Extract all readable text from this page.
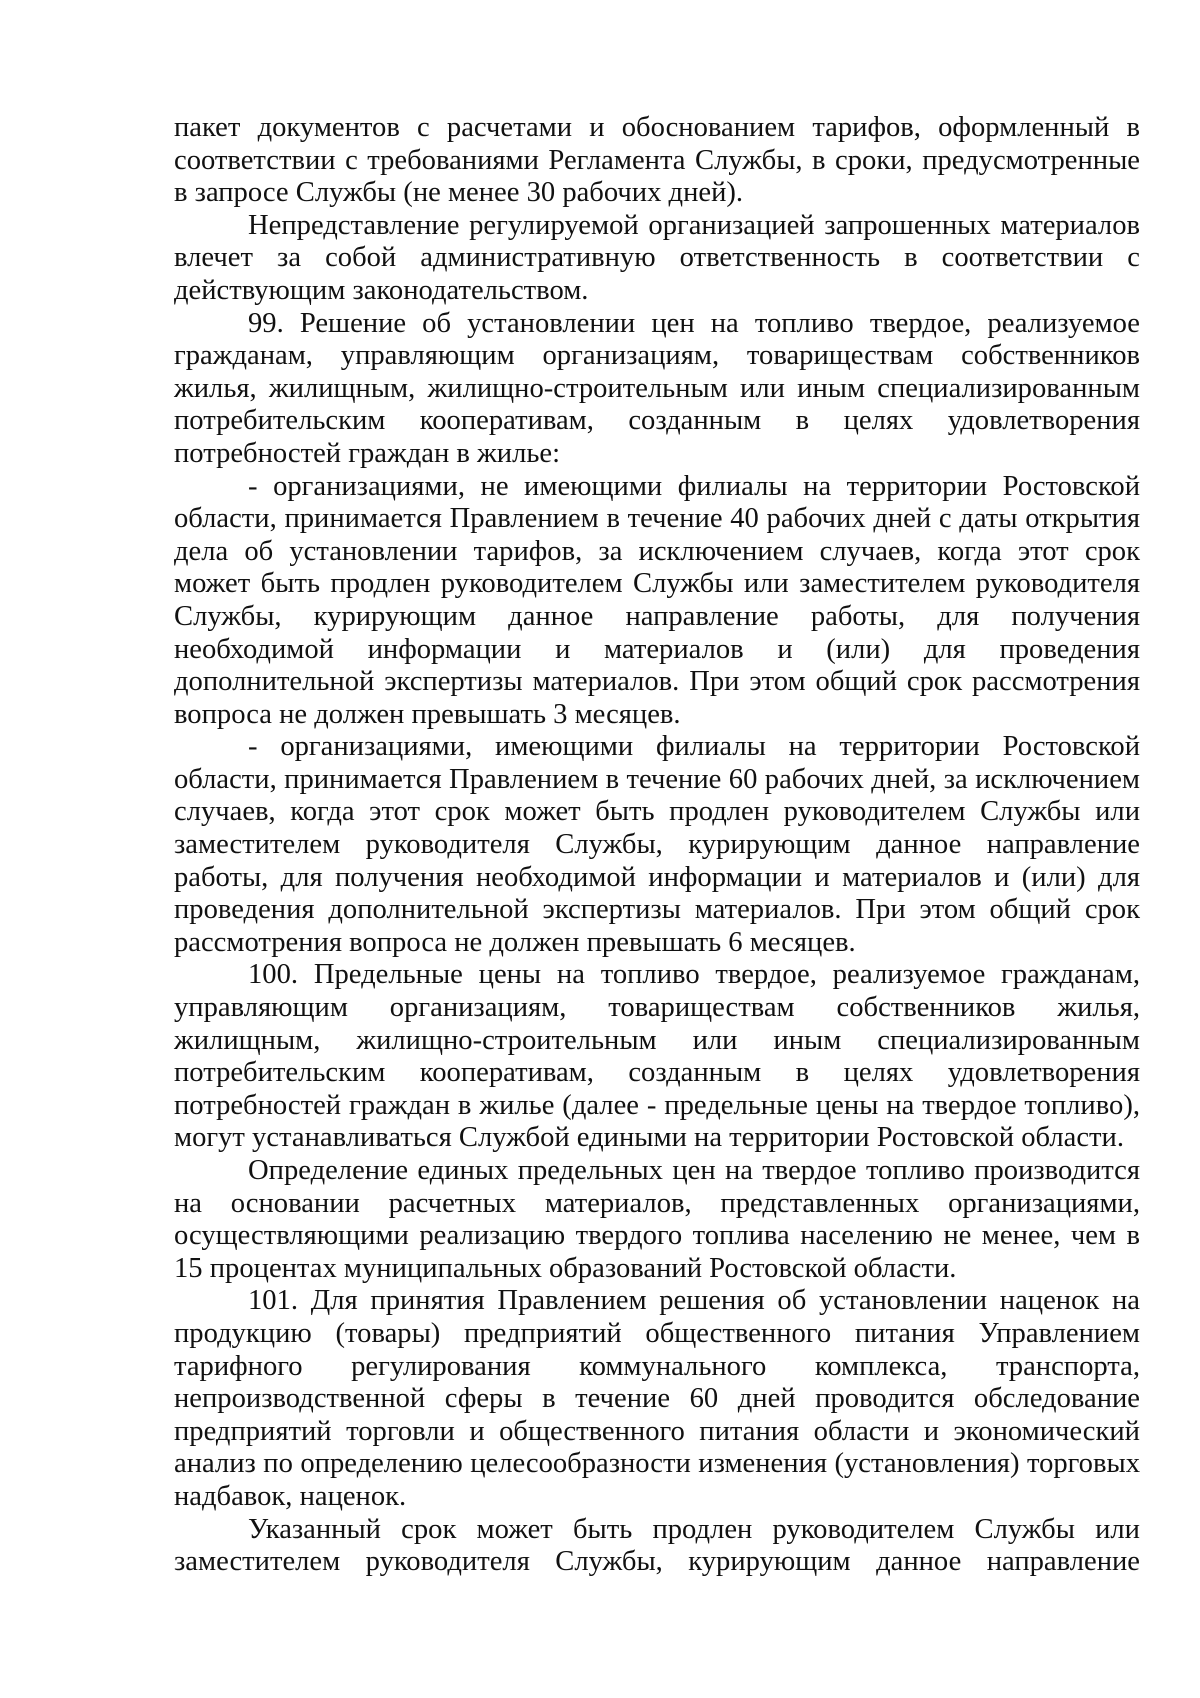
пакет документов с расчетами и обоснованием тарифов, оформленный в соответствии с требованиями Регламента Службы, в сроки, предусмотренные в запросе Службы (не менее 30 рабочих дней).

Непредставление регулируемой организацией запрошенных материалов влечет за собой административную ответственность в соответствии с действующим законодательством.

99. Решение об установлении цен на топливо твердое, реализуемое гражданам, управляющим организациям, товариществам собственников жилья, жилищным, жилищно-строительным или иным специализированным потребительским кооперативам, созданным в целях удовлетворения потребностей граждан в жилье:

- организациями, не имеющими филиалы на территории Ростовской области, принимается Правлением в течение 40 рабочих дней с даты открытия дела об установлении тарифов, за исключением случаев, когда этот срок может быть продлен руководителем Службы или заместителем руководителя Службы, курирующим данное направление работы, для получения необходимой информации и материалов и (или) для проведения дополнительной экспертизы материалов. При этом общий срок рассмотрения вопроса не должен превышать 3 месяцев.

- организациями, имеющими филиалы на территории Ростовской области, принимается Правлением в течение 60 рабочих дней, за исключением случаев, когда этот срок может быть продлен руководителем Службы или заместителем руководителя Службы, курирующим данное направление работы, для получения необходимой информации и материалов и (или) для проведения дополнительной экспертизы материалов. При этом общий срок рассмотрения вопроса не должен превышать 6 месяцев.

100. Предельные цены на топливо твердое, реализуемое гражданам, управляющим организациям, товариществам собственников жилья, жилищным, жилищно-строительным или иным специализированным потребительским кооперативам, созданным в целях удовлетворения потребностей граждан в жилье (далее - предельные цены на твердое топливо), могут устанавливаться Службой едиными на территории Ростовской области.

Определение единых предельных цен на твердое топливо производится на основании расчетных материалов, представленных организациями, осуществляющими реализацию твердого топлива населению не менее, чем в 15 процентах муниципальных образований Ростовской области.

101. Для принятия Правлением решения об установлении наценок на продукцию (товары) предприятий общественного питания Управлением тарифного регулирования коммунального комплекса, транспорта, непроизводственной сферы в течение 60 дней проводится обследование предприятий торговли и общественного питания области и экономический анализ по определению целесообразности изменения (установления) торговых надбавок, наценок.

Указанный срок может быть продлен руководителем Службы или заместителем руководителя Службы, курирующим данное направление
